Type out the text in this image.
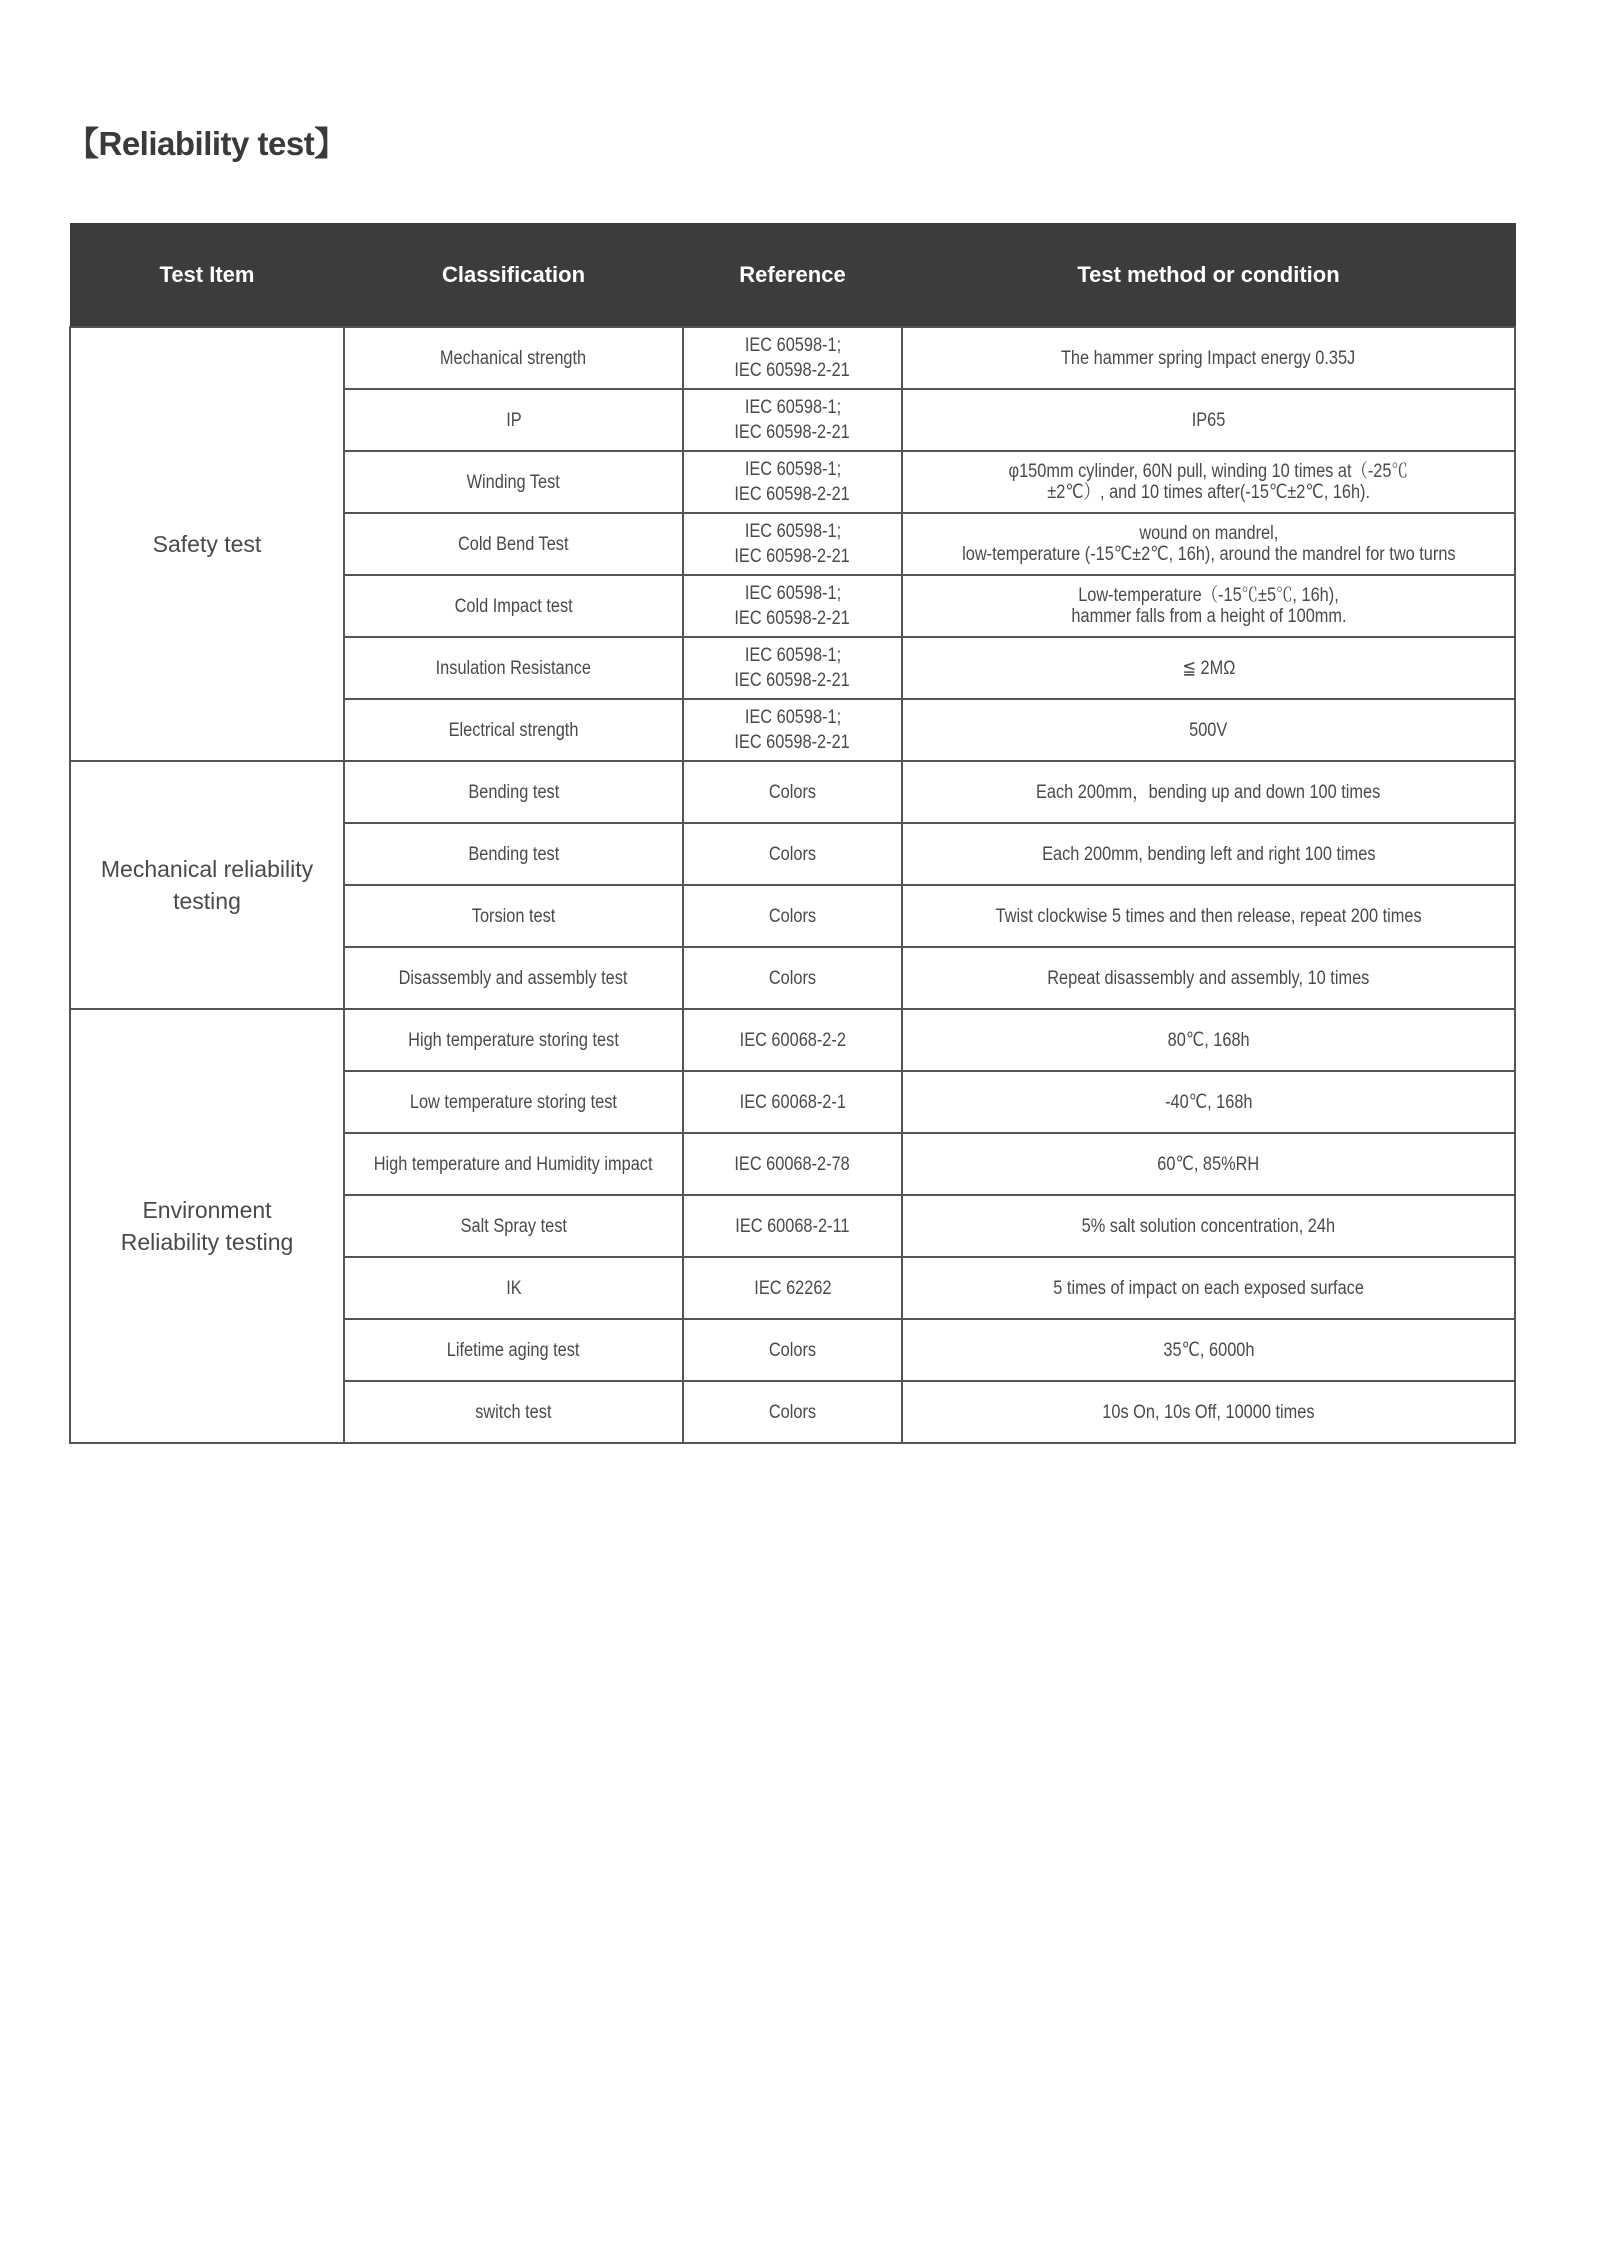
【Reliability test】
Test Item	Classification	Reference	Test method or condition
Safety test	Mechanical strength	IEC 60598-1;
IEC 60598-2-21	The hammer spring Impact energy 0.35J
	IP	IEC 60598-1;
IEC 60598-2-21	IP65
	Winding Test	IEC 60598-1;
IEC 60598-2-21	φ150mm cylinder, 60N pull, winding 10 times at（-25℃
±2℃）, and 10 times after(-15℃±2℃, 16h).
	Cold Bend Test	IEC 60598-1;
IEC 60598-2-21	wound on mandrel,
low-temperature (-15℃±2℃, 16h), around the mandrel for two turns
	Cold Impact test	IEC 60598-1;
IEC 60598-2-21	Low-temperature（-15℃±5℃, 16h),
hammer falls from a height of 100mm.
	Insulation Resistance	IEC 60598-1;
IEC 60598-2-21	≦ 2MΩ
	Electrical strength	IEC 60598-1;
IEC 60598-2-21	500V
Mechanical reliability testing	Bending test	Colors	Each 200mm，bending up and down 100 times
	Bending test	Colors	Each 200mm, bending left and right 100 times
	Torsion test	Colors	Twist clockwise 5 times and then release, repeat 200 times
	Disassembly and assembly test	Colors	Repeat disassembly and assembly, 10 times
Environment Reliability testing	High temperature storing test	IEC 60068-2-2	80℃, 168h
	Low temperature storing test	IEC 60068-2-1	-40℃, 168h
	High temperature and Humidity impact	IEC 60068-2-78	60℃, 85%RH
	Salt Spray test	IEC 60068-2-11	5% salt solution concentration, 24h
	IK	IEC 62262	5 times of impact on each exposed surface
	Lifetime aging test	Colors	35℃, 6000h
	switch test	Colors	10s On, 10s Off, 10000 times
